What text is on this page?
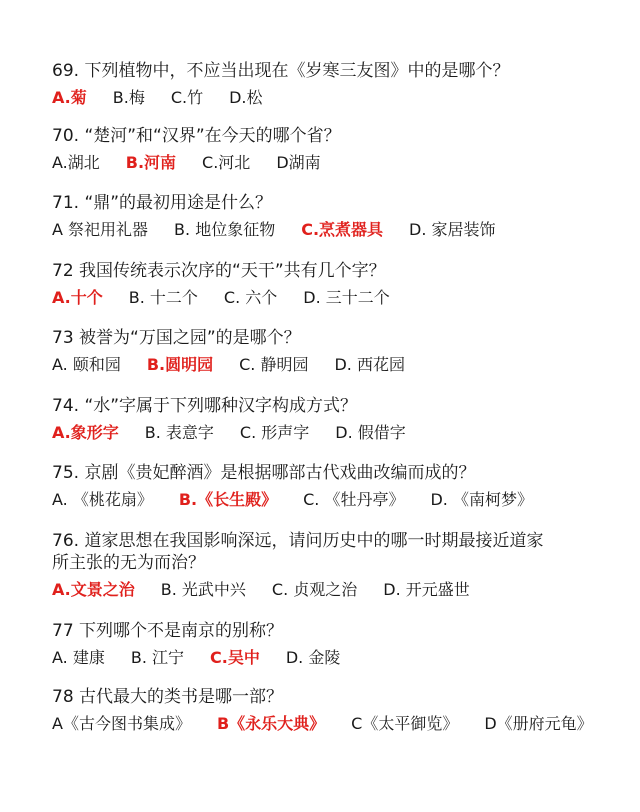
69. 下列植物中，不应当出现在《岁寒三友图》中的是哪个？

A.菊 B.梅 C.竹 D.松

70. “楚河”和“汉界”在今天的哪个省？

A.湖北 B.河南 C.河北 D湖南

71. “鼎”的最初用途是什么？

A 祭祀用礼器 B. 地位象征物 C.烹煮器具 D. 家居装饰

72 我国传统表示次序的“天干”共有几个字？

A.十个 B. 十二个 C. 六个 D. 三十二个

73 被誉为“万国之园”的是哪个？

A. 颐和园 B.圆明园 C. 静明园 D. 西花园

74. “水”字属于下列哪种汉字构成方式？

A.象形字 B. 表意字 C. 形声字 D. 假借字

75. 京剧《贵妃醉酒》是根据哪部古代戏曲改编而成的？

A. 《桃花扇》 B.《长生殿》 C. 《牡丹亭》 D. 《南柯梦》

76. 道家思想在我国影响深远，请问历史中的哪一时期最接近道家
所主张的无为而治？

A.文景之治 B. 光武中兴 C. 贞观之治 D. 开元盛世

77 下列哪个不是南京的别称？

A. 建康 B. 江宁 C.吴中 D. 金陵

78 古代最大的类书是哪一部？

A《古今图书集成》 B《永乐大典》 C《太平御览》 D《册府元龟》
